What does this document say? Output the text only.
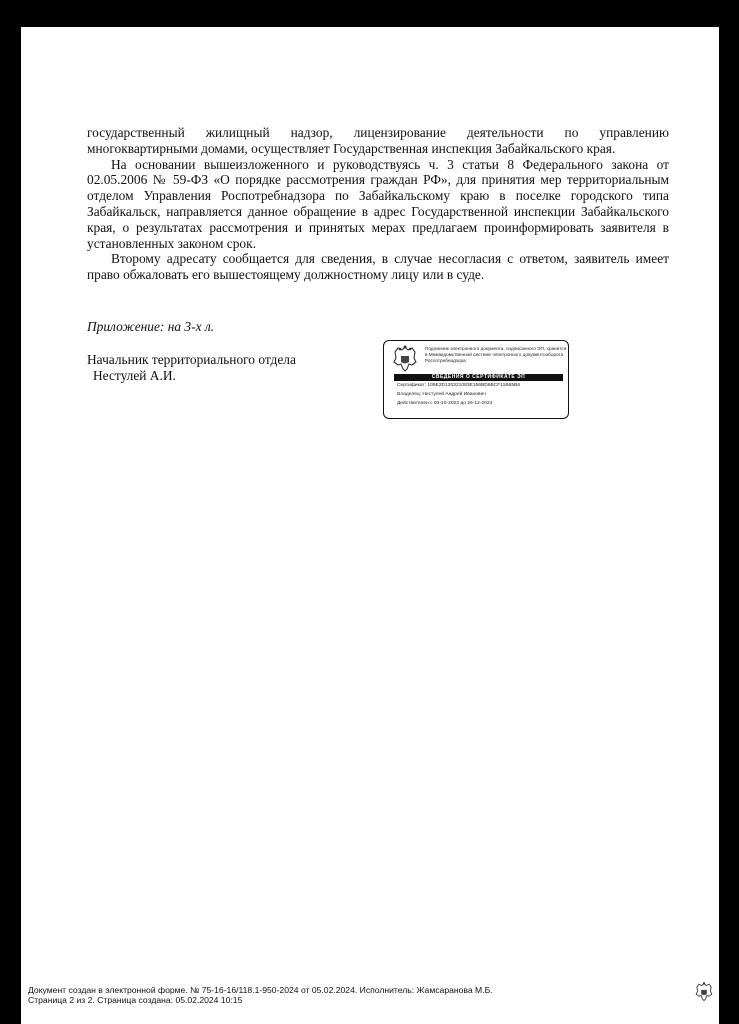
государственный жилищный надзор, лицензирование деятельности по управлению многоквартирными домами, осуществляет Государственная инспекция Забайкальского края.

На основании вышеизложенного и руководствуясь ч. 3 статьи 8 Федерального закона от 02.05.2006 № 59-ФЗ «О порядке рассмотрения граждан РФ», для принятия мер территориальным отделом Управления Роспотребнадзора по Забайкальскому краю в поселке городского типа Забайкальск, направляется данное обращение в адрес Государственной инспекции Забайкальского края, о результатах рассмотрения и принятых мерах предлагаем проинформировать заявителя в установленных законом срок.

Второму адресату сообщается для сведения, в случае несогласия с ответом, заявитель имеет право обжаловать его вышестоящему должностному лицу или в суде.

Приложение: на 3-х л.
Начальник территориального отдела
Нестулей А.И.
Подлинник электронного документа, подписанного ЭП, хранится в Межведомственной системе электронного документооборота Роспотребнадзора
СВЕДЕНИЯ О СЕРТИФИКАТЕ ЭП
Сертификат: 109E2D120321083E156BD9BCF11B65B6
Владелец: Нестулей Андрей Иванович
Действителен с 03-10-2023 до 26-12-2024
Документ создан в электронной форме. № 75-16-16/118.1-950-2024 от 05.02.2024. Исполнитель: Жамсаранова М.Б.
Страница 2 из 2. Страница создана: 05.02.2024 10:15
